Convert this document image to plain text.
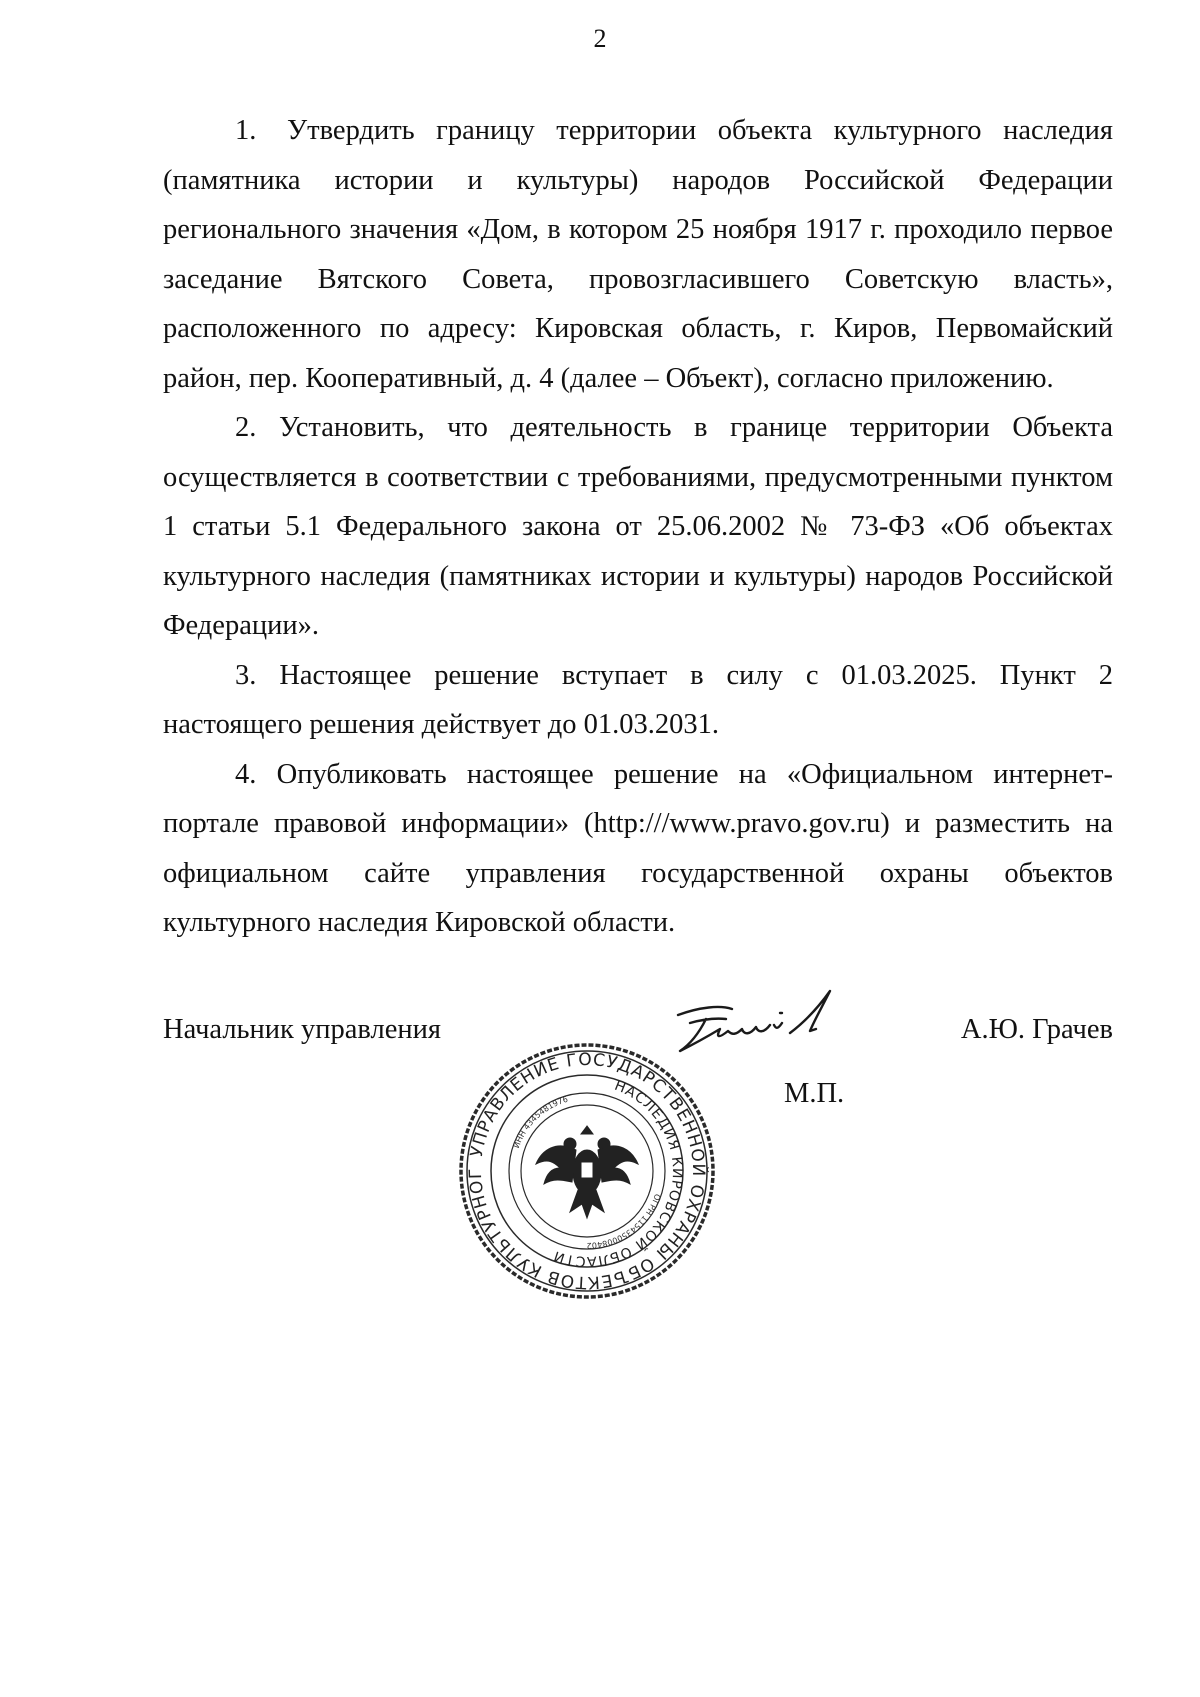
2

1. Утвердить границу территории объекта культурного наследия (памятника истории и культуры) народов Российской Федерации регионального значения «Дом, в котором 25 ноября 1917 г. проходило первое заседание Вятского Совета, провозгласившего Советскую власть», расположенного по адресу: Кировская область, г. Киров, Первомайский район, пер. Кооперативный, д. 4 (далее – Объект), согласно приложению.

2. Установить, что деятельность в границе территории Объекта осуществляется в соответствии с требованиями, предусмотренными пунктом 1 статьи 5.1 Федерального закона от 25.06.2002 № 73-ФЗ «Об объектах культурного наследия (памятниках истории и культуры) народов Российской Федерации».

3. Настоящее решение вступает в силу с 01.03.2025. Пункт 2 настоящего решения действует до 01.03.2031.

4. Опубликовать настоящее решение на «Официальном интернет-портале правовой информации» (http:///www.pravo.gov.ru) и разместить на официальном сайте управления государственной охраны объектов культурного наследия Кировской области.

Начальник управления	А.Ю. Грачев
М.П.
УПРАВЛЕНИЕ ГОСУДАРСТВЕННОЙ ОХРАНЫ ОБЪЕКТОВ КУЛЬТУРНОГ
НАСЛЕДИЯ КИРОВСКОЙ ОБЛАСТИ
ИНН 4345481976
ОГРН 1154350008402
